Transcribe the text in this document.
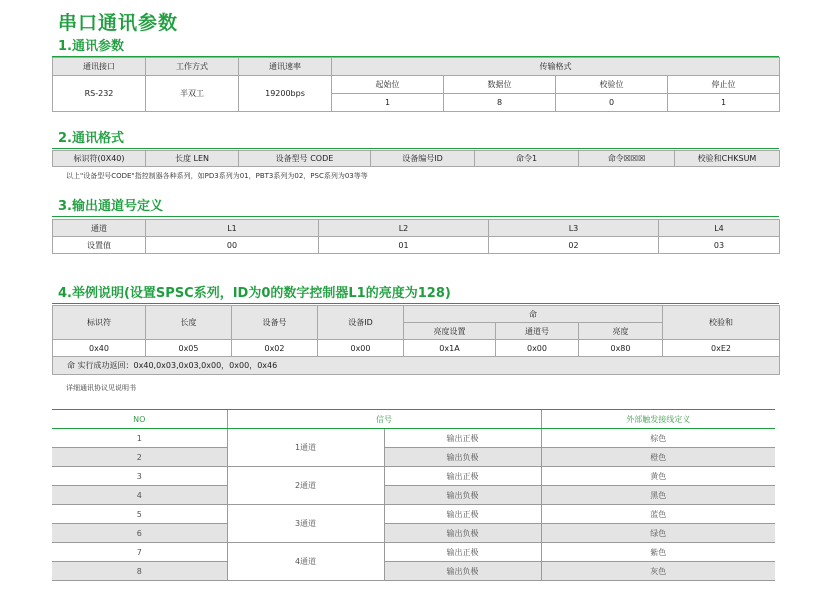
串口通讯参数
1.通讯参数
通讯接口	工作方式	通讯速率	传输格式			
RS-232	半双工	19200bps	起始位	数据位	校验位	停止位
			1	8	0	1
2.通讯格式
标识符(0X40)	长度 LEN	设备型号 CODE	设备编号ID	命令1	命令☒☒☒	校验和CHKSUM
以上"设备型号CODE"指控制器各种系列，如PD3系列为01，PBT3系列为02，PSC系列为03等等
3.输出通道号定义
通道	L1	L2	L3	L4
设置值	00	01	02	03
4.举例说明(设置SPSC系列，ID为0的数字控制器L1的亮度为128)
标识符	长度	设备号	设备ID	命			校验和
				亮度设置	通道号	亮度	
0x40	0x05	0x02	0x00	0x1A	0x00	0x80	0xE2
命 实行成功返回：0x40,0x03,0x03,0x00，0x00，0x46							
详细通讯协议见说明书
NO	信号		外部触发接线定义
1	1通道	输出正极	棕色
2		输出负极	橙色
3	2通道	输出正极	黄色
4		输出负极	黑色
5	3通道	输出正极	蓝色
6		输出负极	绿色
7	4通道	输出正极	紫色
8		输出负极	灰色
